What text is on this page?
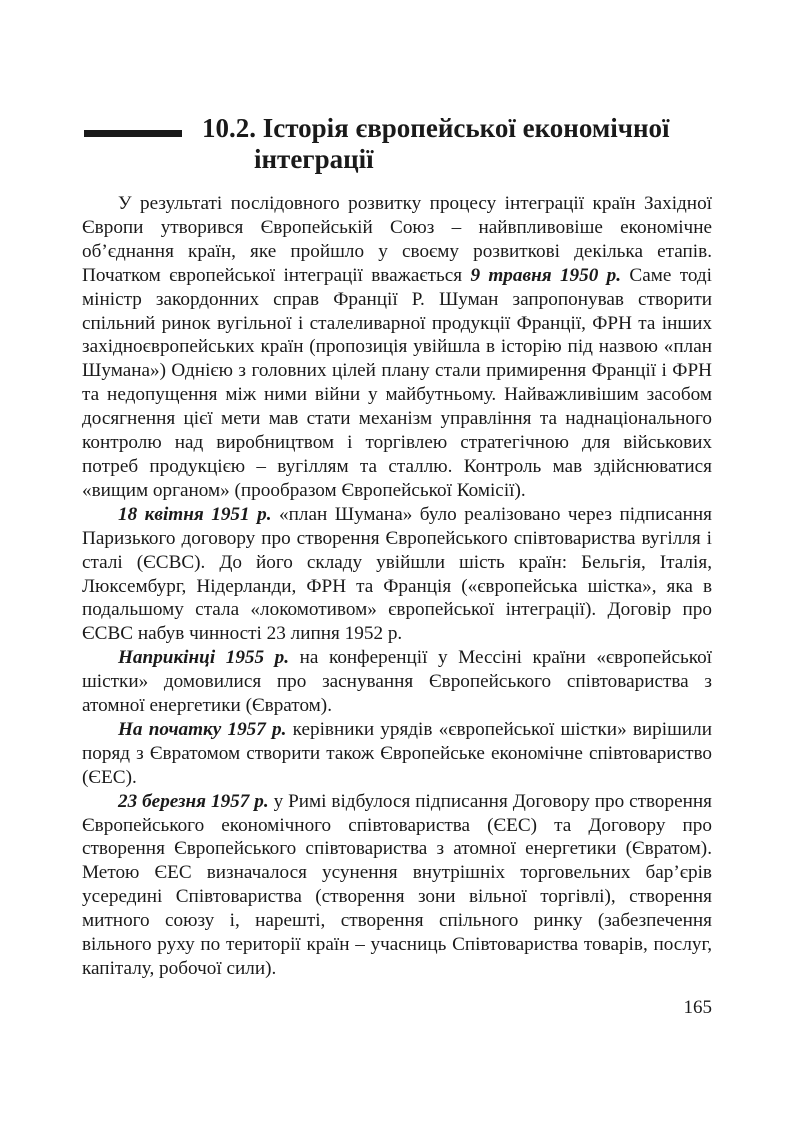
10.2. Історія європейської економічної
інтеграції

У результаті послідовного розвитку процесу інтеграції країн Західної Європи утворився Європейській Союз – найвпливовіше економічне об’єднання країн, яке пройшло у своєму розвиткові декілька етапів. Початком європейської інтеграції вважається 9 травня 1950 р. Саме тоді міністр закордонних справ Франції Р. Шуман запропонував створити спільний ринок вугільної і сталеливарної продукції Франції, ФРН та інших західноєвропейських країн (пропозиція увійшла в історію під назвою «план Шумана») Однією з головних цілей плану стали примирення Франції і ФРН та недопущення між ними війни у майбутньому. Найважливішим засобом досягнення цієї мети мав стати механізм управління та наднаціонального контролю над виробництвом і торгівлею стратегічною для військових потреб продукцією – вугіллям та сталлю. Контроль мав здійснюватися «вищим органом» (прообразом Європейської Комісії).

18 квітня 1951 р. «план Шумана» було реалізовано через підписання Паризького договору про створення Європейського співтовариства вугілля і сталі (ЄСВС). До його складу увійшли шість країн: Бельгія, Італія, Люксембург, Нідерланди, ФРН та Франція («європейська шістка», яка в подальшому стала «локомотивом» європейської інтеграції). Договір про ЄСВС набув чинності 23 липня 1952 р.

Наприкінці 1955 р. на конференції у Мессіні країни «європейської шістки» домовилися про заснування Європейського співтовариства з атомної енергетики (Євратом).

На початку 1957 р. керівники урядів «європейської шістки» вирішили поряд з Євратомом створити також Європейське економічне співтовариство (ЄЕС).

23 березня 1957 р. у Римі відбулося підписання Договору про створення Європейського економічного співтовариства (ЄЕС) та Договору про створення Європейського співтовариства з атомної енергетики (Євратом). Метою ЄЕС визначалося усунення внутрішніх торговельних бар’єрів усередині Співтовариства (створення зони вільної торгівлі), створення митного союзу і, нарешті, створення спільного ринку (забезпечення вільного руху по території країн – учасниць Співтовариства товарів, послуг, капіталу, робочої сили).

165
